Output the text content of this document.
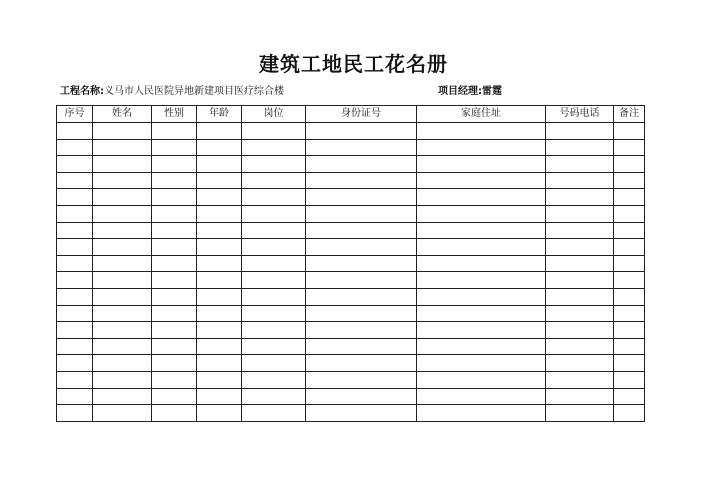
建筑工地民工花名册
工程名称:义马市人民医院异地新建项目医疗综合楼	项目经理:雷霆
序号	姓名	性别	年龄	岗位	身份证号	家庭住址	号码电话	备注
